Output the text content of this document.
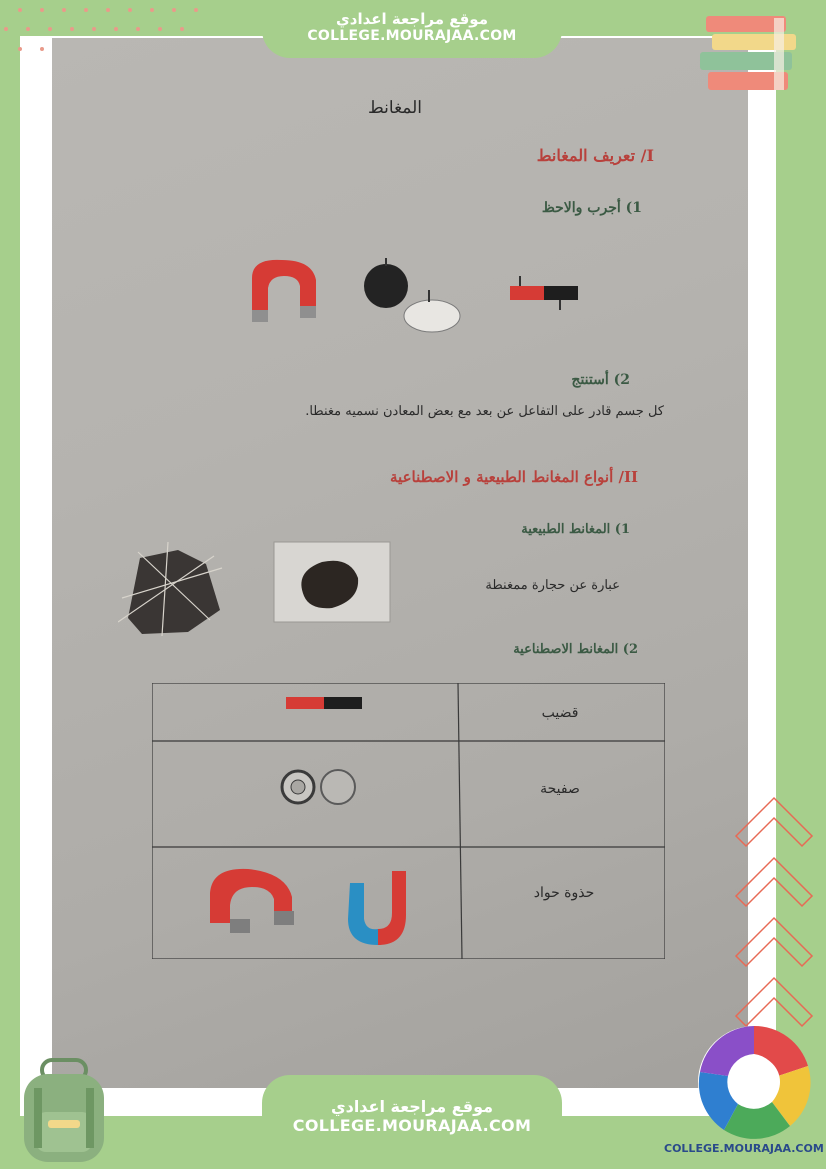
المغانط
I/ تعريف المغانط
1) أجرب والاحظ
2) أستنتج
كل جسم قادر على التفاعل عن بعد مع بعض المعادن نسميه مغنطا.
II/ أنواع المغانط الطبيعية و الاصطناعية
1) المغانط الطبيعية
عبارة عن حجارة ممغنطة
2) المغانط الاصطناعية
قضيب
صفيحة
حذوة حواد
COLLEGE.MOURAJAA.COM
موقع مراجعة اعدادي
COLLEGE.MOURAJAA.COM
موقع مراجعة اعدادي
COLLEGE.MOURAJAA.COM
